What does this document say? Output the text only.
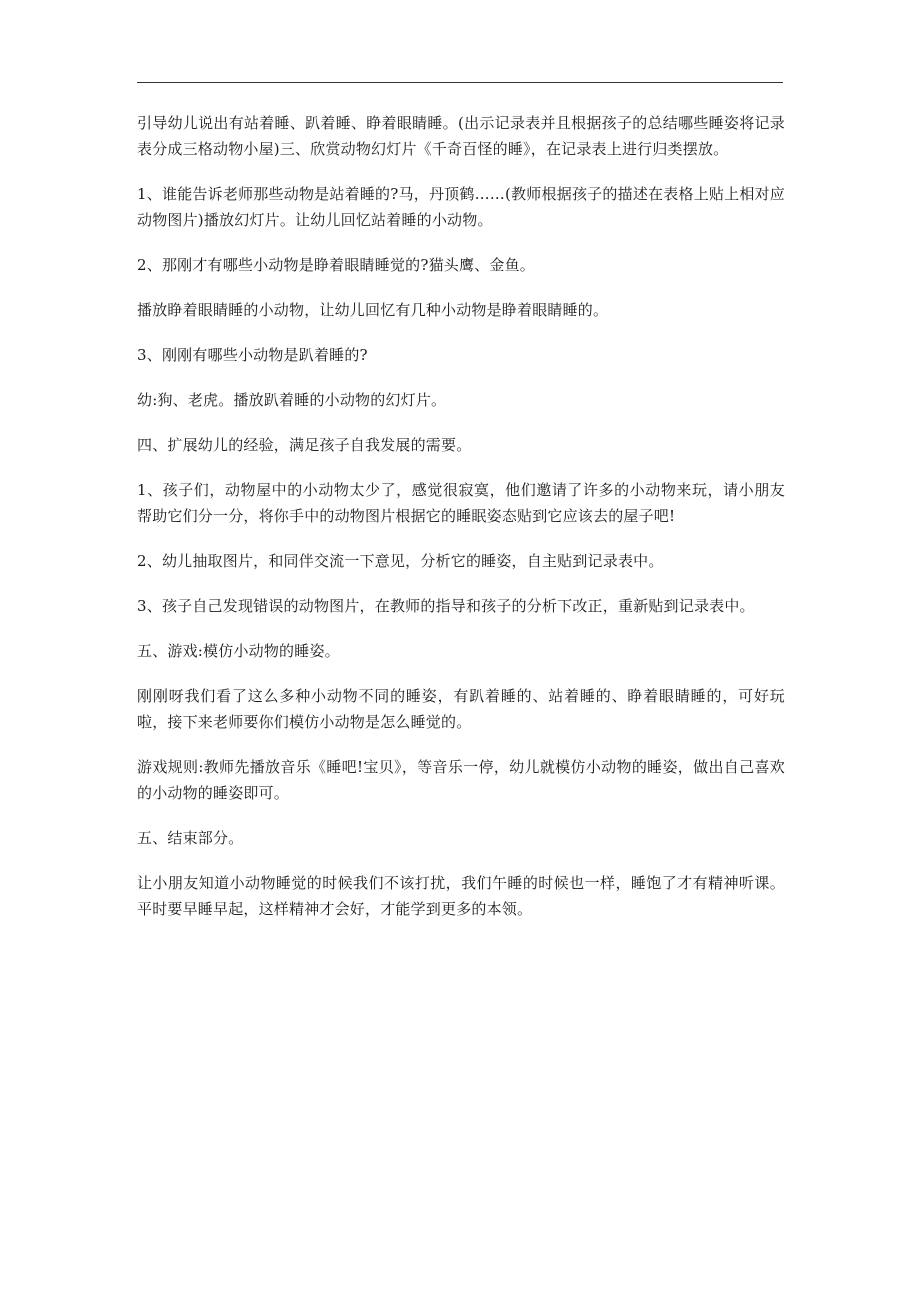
引导幼儿说出有站着睡、趴着睡、睁着眼睛睡。(出示记录表并且根据孩子的总结哪些睡姿将记录表分成三格动物小屋)三、欣赏动物幻灯片《千奇百怪的睡》，在记录表上进行归类摆放。

1、谁能告诉老师那些动物是站着睡的?马，丹顶鹤……(教师根据孩子的描述在表格上贴上相对应动物图片)播放幻灯片。让幼儿回忆站着睡的小动物。

2、那刚才有哪些小动物是睁着眼睛睡觉的?猫头鹰、金鱼。

播放睁着眼睛睡的小动物，让幼儿回忆有几种小动物是睁着眼睛睡的。

3、刚刚有哪些小动物是趴着睡的?

幼:狗、老虎。播放趴着睡的小动物的幻灯片。

四、扩展幼儿的经验，满足孩子自我发展的需要。

1、孩子们，动物屋中的小动物太少了，感觉很寂寞，他们邀请了许多的小动物来玩，请小朋友帮助它们分一分，将你手中的动物图片根据它的睡眠姿态贴到它应该去的屋子吧!

2、幼儿抽取图片，和同伴交流一下意见，分析它的睡姿，自主贴到记录表中。

3、孩子自己发现错误的动物图片，在教师的指导和孩子的分析下改正，重新贴到记录表中。

五、游戏:模仿小动物的睡姿。

刚刚呀我们看了这么多种小动物不同的睡姿，有趴着睡的、站着睡的、睁着眼睛睡的，可好玩啦，接下来老师要你们模仿小动物是怎么睡觉的。

游戏规则:教师先播放音乐《睡吧!宝贝》，等音乐一停，幼儿就模仿小动物的睡姿，做出自己喜欢的小动物的睡姿即可。

五、结束部分。

让小朋友知道小动物睡觉的时候我们不该打扰，我们午睡的时候也一样，睡饱了才有精神听课。平时要早睡早起，这样精神才会好，才能学到更多的本领。
